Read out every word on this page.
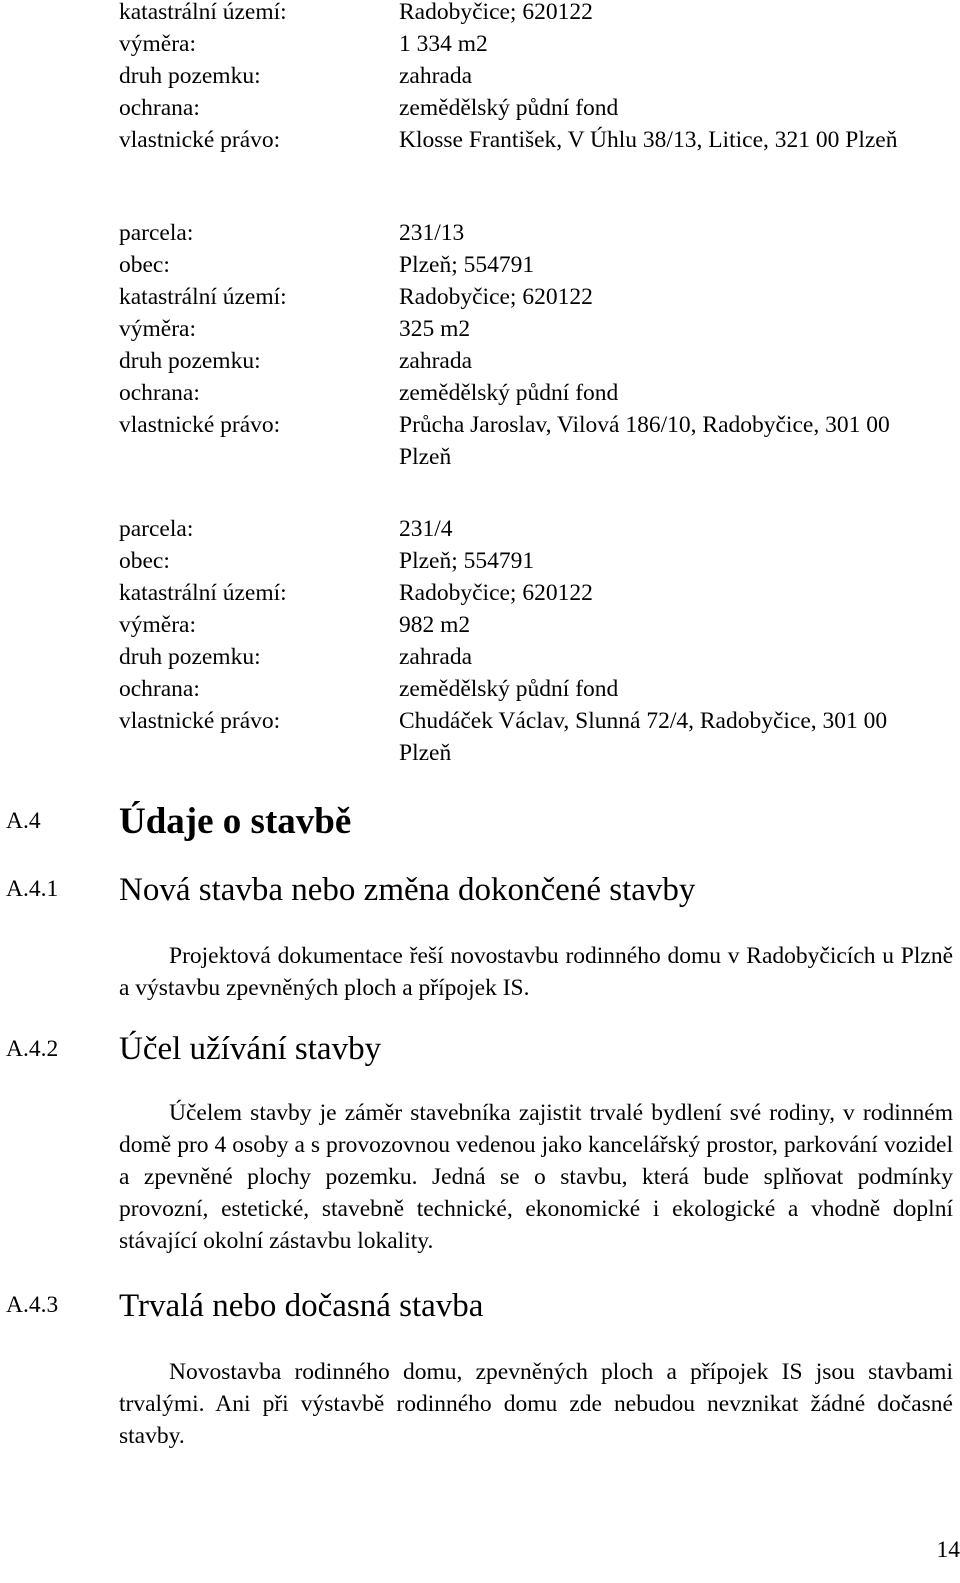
katastrální území:	Radobyčice; 620122
výměra:	1 334 m2
druh pozemku:	zahrada
ochrana:	zemědělský půdní fond
vlastnické právo:	Klosse František, V Úhlu 38/13, Litice, 321 00 Plzeň
parcela:	231/13
obec:	Plzeň; 554791
katastrální území:	Radobyčice; 620122
výměra:	325 m2
druh pozemku:	zahrada
ochrana:	zemědělský půdní fond
vlastnické právo:	Průcha Jaroslav, Vilová 186/10, Radobyčice, 301 00 Plzeň
parcela:	231/4
obec:	Plzeň; 554791
katastrální území:	Radobyčice; 620122
výměra:	982 m2
druh pozemku:	zahrada
ochrana:	zemědělský půdní fond
vlastnické právo:	Chudáček Václav, Slunná 72/4, Radobyčice, 301 00 Plzeň
A.4 Údaje o stavbě
A.4.1 Nová stavba nebo změna dokončené stavby

Projektová dokumentace řeší novostavbu rodinného domu v Radobyčicích u Plzně a výstavbu zpevněných ploch a přípojek IS.

A.4.2 Účel užívání stavby

Účelem stavby je záměr stavebníka zajistit trvalé bydlení své rodiny, v rodinném domě pro 4 osoby a s provozovnou vedenou jako kancelářský prostor, parkování vozidel a zpevněné plochy pozemku. Jedná se o stavbu, která bude splňovat podmínky provozní, estetické, stavebně technické, ekonomické i ekologické a vhodně doplní stávající okolní zástavbu lokality.

A.4.3 Trvalá nebo dočasná stavba

Novostavba rodinného domu, zpevněných ploch a přípojek IS jsou stavbami trvalými. Ani při výstavbě rodinného domu zde nebudou nevznikat žádné dočasné stavby.

14
